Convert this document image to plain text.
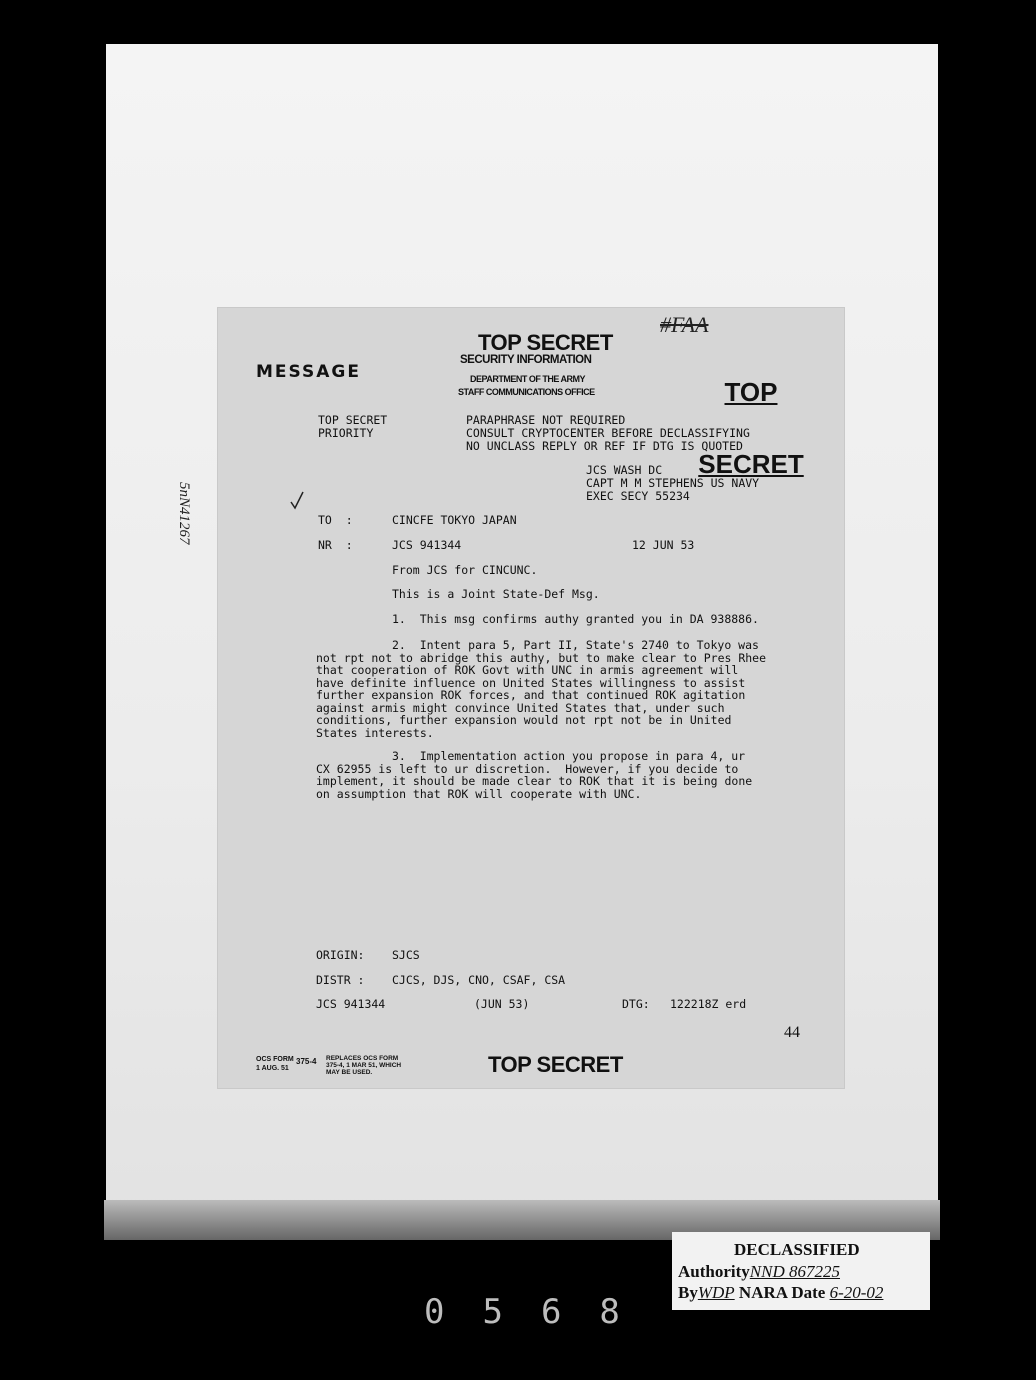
MESSAGE
TOP SECRET
SECURITY INFORMATION
DEPARTMENT OF THE ARMY
STAFF COMMUNICATIONS OFFICE
#FAA

TOP

SECRET

TOP SECRET
PRIORITY
PARAPHRASE NOT REQUIRED
CONSULT CRYPTOCENTER BEFORE DECLASSIFYING
NO UNCLASS REPLY OR REF IF DTG IS QUOTED
JCS WASH DC
CAPT M M STEPHENS US NAVY
EXEC SECY 55234
TO  :	CINCFE TOKYO JAPAN
NR  :	JCS 941344	12 JUN 53
From JCS for CINCUNC.
This is a Joint State-Def Msg.
1.  This msg confirms authy granted you in DA 938886.
2.  Intent para 5, Part II, State's 2740 to Tokyo was
not rpt not to abridge this authy, but to make clear to Pres Rhee
that cooperation of ROK Govt with UNC in armis agreement will
have definite influence on United States willingness to assist
further expansion ROK forces, and that continued ROK agitation
against armis might convince United States that, under such
conditions, further expansion would not rpt not be in United
States interests.
3.  Implementation action you propose in para 4, ur
CX 62955 is left to ur discretion.  However, if you decide to
implement, it should be made clear to ROK that it is being done
on assumption that ROK will cooperate with UNC.
ORIGIN: SJCS
DISTR : CJCS, DJS, CNO, CSAF, CSA
JCS 941344	(JUN 53)	DTG: 122218Z erd
44
OCS FORM
1 AUG. 51
375-4 REPLACES OCS FORM 375-4, 1 MAR 51, WHICH MAY BE USED.	TOP SECRET
5nN41267
DECLASSIFIED
AuthorityNND 867225
ByWDP NARA Date 6-20-02
0568
